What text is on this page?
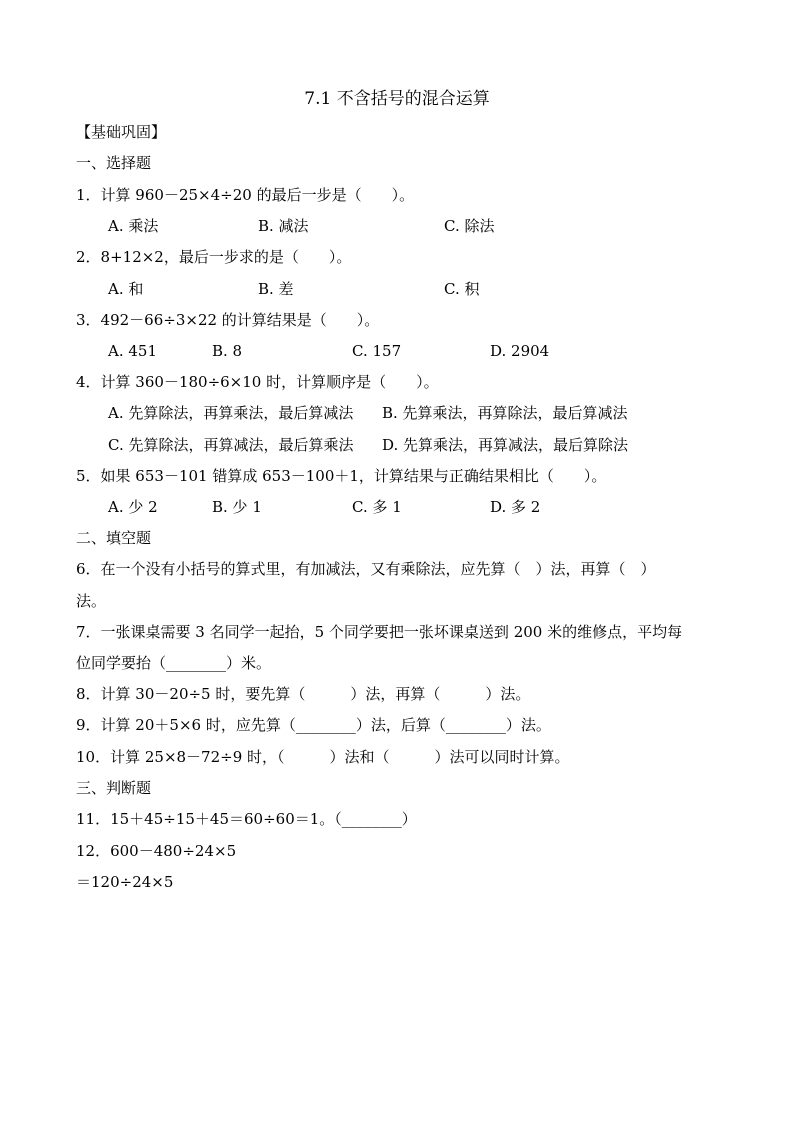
7.1 不含括号的混合运算
【基础巩固】
一、选择题
1．计算 960－25×4÷20 的最后一步是（　　）。
A. 乘法	B. 减法	C. 除法
2．8+12×2，最后一步求的是（　　）。
A. 和	B. 差	C. 积
3．492－66÷3×22 的计算结果是（　　）。
A. 451	B. 8	C. 157	D. 2904
4．计算 360－180÷6×10 时，计算顺序是（　　）。
A. 先算除法，再算乘法，最后算减法 B. 先算乘法，再算除法，最后算减法
C. 先算除法，再算减法，最后算乘法 D. 先算乘法，再算减法，最后算除法
5．如果 653－101 错算成 653－100＋1，计算结果与正确结果相比（　　）。
A. 少 2	B. 少 1	C. 多 1	D. 多 2
二、填空题
6．在一个没有小括号的算式里，有加减法，又有乘除法，应先算（　）法，再算（　）
法。
7．一张课桌需要 3 名同学一起抬，5 个同学要把一张坏课桌送到 200 米的维修点，平均每
位同学要抬（________）米。
8．计算 30－20÷5 时，要先算（　　　）法，再算（　　　）法。
9．计算 20＋5×6 时，应先算（________）法，后算（________）法。
10．计算 25×8－72÷9 时，（　　　）法和（　　　）法可以同时计算。
三、判断题
11．15＋45÷15＋45＝60÷60＝1。（________）
12．600－480÷24×5
＝120÷24×5
